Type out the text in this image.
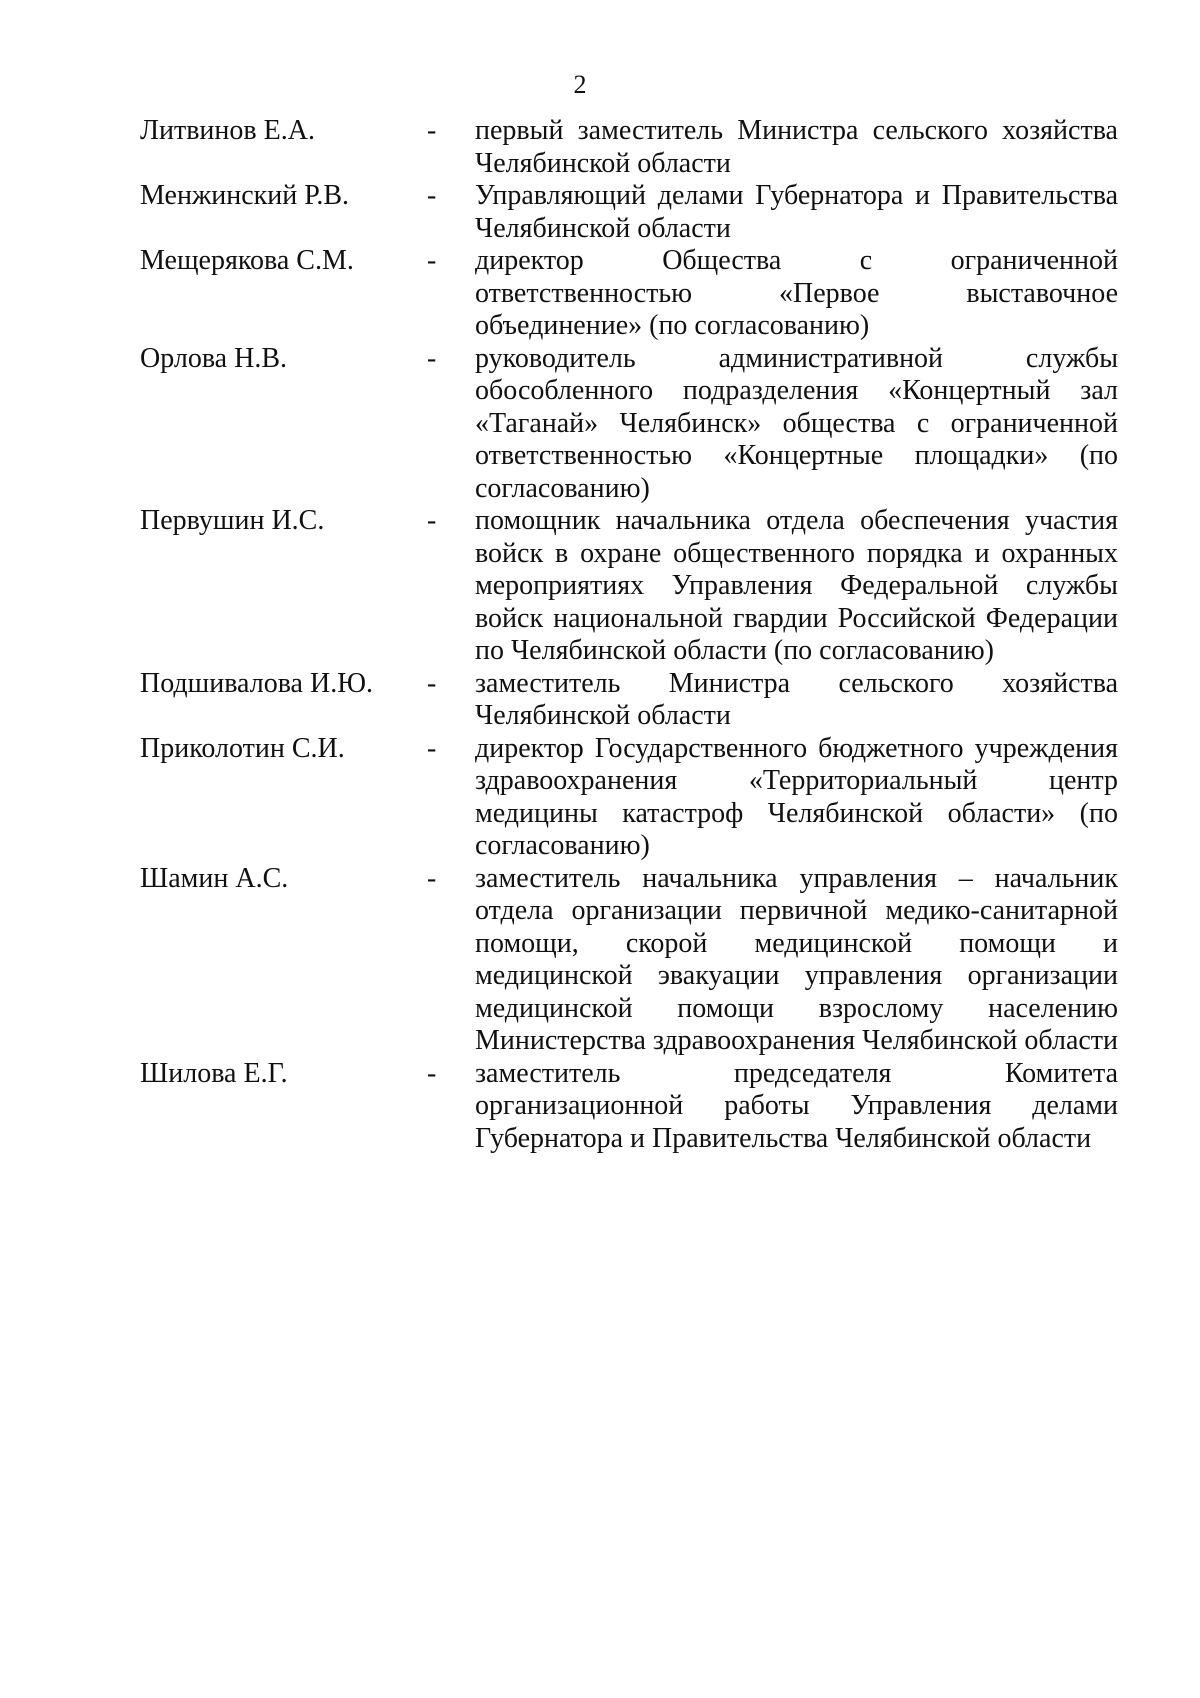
2
Литвинов Е.А.	-	первый заместитель Министра сельского хозяйства Челябинской области
Менжинский Р.В.	-	Управляющий делами Губернатора и Правительства Челябинской области
Мещерякова С.М.	-	директор Общества с ограниченной ответственностью «Первое выставочное объединение» (по согласованию)
Орлова Н.В.	-	руководитель административной службы обособленного подразделения «Концертный зал «Таганай» Челябинск» общества с ограниченной ответственностью «Концертные площадки» (по согласованию)
Первушин И.С.	-	помощник начальника отдела обеспечения участия войск в охране общественного порядка и охранных мероприятиях Управления Федеральной службы войск национальной гвардии Российской Федерации по Челябинской области (по согласованию)
Подшивалова И.Ю.	-	заместитель Министра сельского хозяйства Челябинской области
Приколотин С.И.	-	директор Государственного бюджетного учреждения здравоохранения «Территориальный центр медицины катастроф Челябинской области» (по согласованию)
Шамин А.С.	-	заместитель начальника управления – начальник отдела организации первичной медико-санитарной помощи, скорой медицинской помощи и медицинской эвакуации управления организации медицинской помощи взрослому населению Министерства здравоохранения Челябинской области
Шилова Е.Г.	-	заместитель председателя Комитета организационной работы Управления делами Губернатора и Правительства Челябинской области
